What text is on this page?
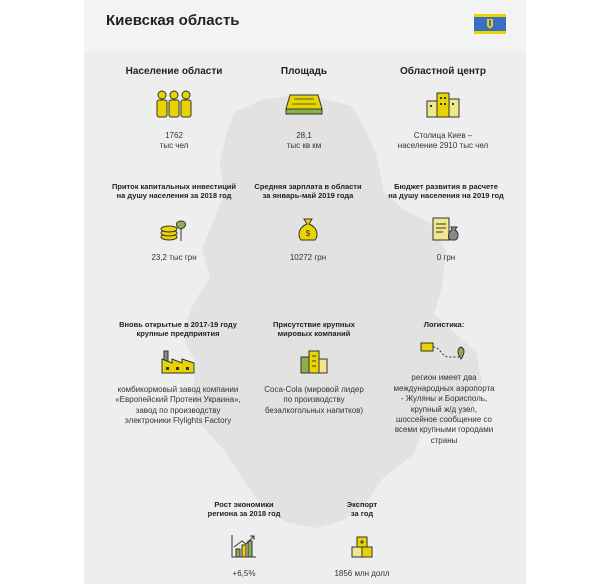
Киевская область
Население области
1762
тыс чел
Площадь
28,1
тыс кв км
Областной центр
Столица Киев –
население 2910 тыс чел
Приток капитальных инвестиций
на душу населения за 2018 год
23,2 тыс грн
Средняя зарплата в области
за январь-май 2019 года
$
10272 грн
Бюджет развития в расчете
на душу населения на 2019 год
0 грн
Вновь открытые в 2017-19 году
крупные предприятия
комбикормовый завод компании
«Европейский Протеин Украина»,
завод по производству
электроники Flylights Factory
Присутствие крупных
мировых компаний
Coca-Cola (мировой лидер
по производству
безалкогольных напитков)
Логистика:
регион имеет два
международных аэропорта
- Жуляны и Борисполь,
крупный ж/д узел,
шоссейное сообщение со
всеми крупными городами
страны
Рост экономики
региона за 2018 год
+6,5%
Экспорт
за год
1856 млн долл
